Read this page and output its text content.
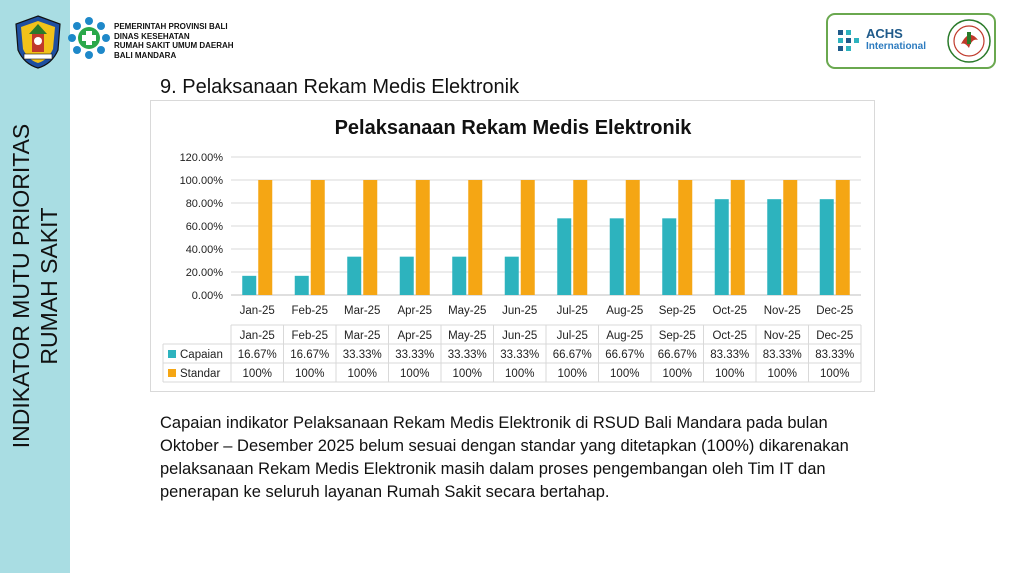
INDIKATOR MUTU PRIORITAS RUMAH SAKIT
PEMERINTAH PROVINSI BALI
DINAS KESEHATAN
RUMAH SAKIT UMUM DAERAH
BALI MANDARA
ACHS
International
9. Pelaksanaan Rekam Medis Elektronik
Pelaksanaan Rekam Medis Elektronik
0.00%
20.00%
40.00%
60.00%
80.00%
100.00%
120.00%
Jan-25 Feb-25 Mar-25 Apr-25 May-25 Jun-25 Jul-25 Aug-25 Sep-25 Oct-25 Nov-25 Dec-25
Jan-25 Feb-25 Mar-25 Apr-25 May-25 Jun-25 Jul-25 Aug-25 Sep-25 Oct-25 Nov-25 Dec-25
Capaian 16.67% 16.67% 33.33% 33.33% 33.33% 33.33% 66.67% 66.67% 66.67% 83.33% 83.33% 83.33%
Standar 100% 100% 100% 100% 100% 100% 100% 100% 100% 100% 100% 100%
Capaian indikator Pelaksanaan Rekam Medis Elektronik di RSUD Bali Mandara pada bulan Oktober – Desember 2025 belum sesuai dengan standar yang ditetapkan (100%) dikarenakan pelaksanaan Rekam Medis Elektronik masih dalam proses pengembangan oleh Tim IT dan penerapan ke seluruh layanan Rumah Sakit secara bertahap.
